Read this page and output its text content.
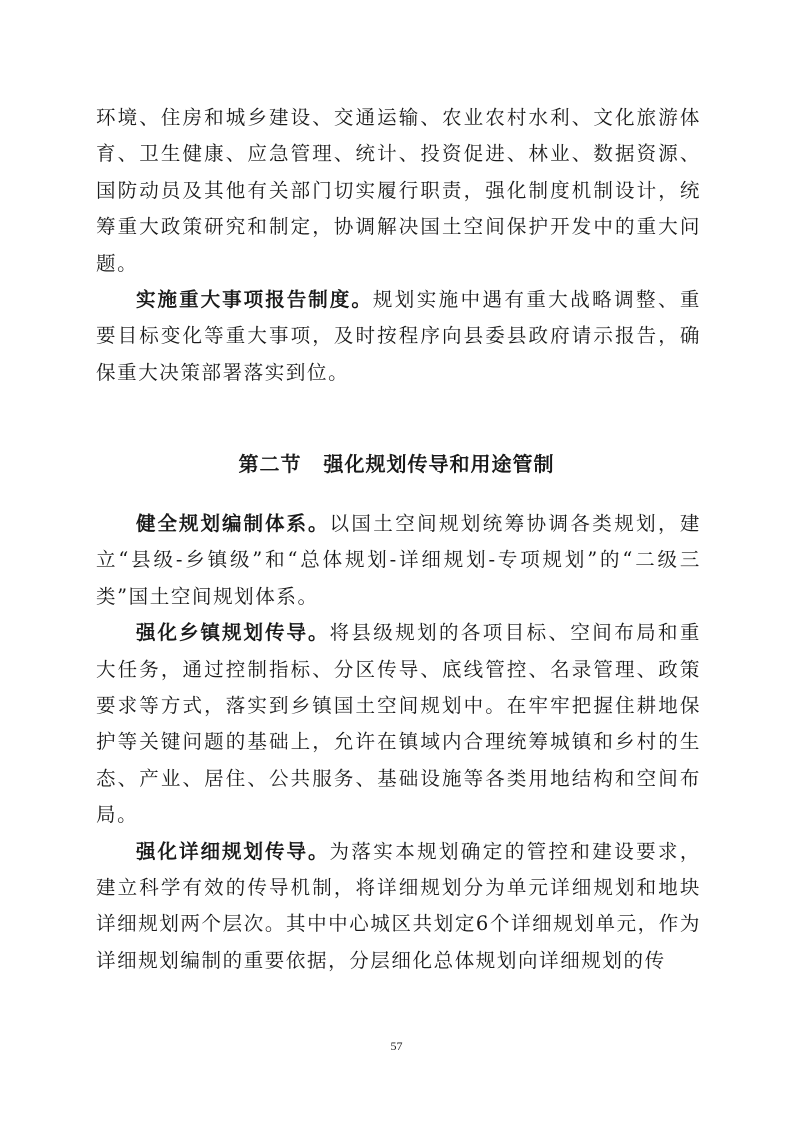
环境、住房和城乡建设、交通运输、农业农村水利、文化旅游体育、卫生健康、应急管理、统计、投资促进、林业、数据资源、国防动员及其他有关部门切实履行职责，强化制度机制设计，统筹重大政策研究和制定，协调解决国土空间保护开发中的重大问题。

实施重大事项报告制度。规划实施中遇有重大战略调整、重要目标变化等重大事项，及时按程序向县委县政府请示报告，确保重大决策部署落实到位。

第二节 强化规划传导和用途管制

健全规划编制体系。以国土空间规划统筹协调各类规划，建立“县级-乡镇级”和“总体规划-详细规划-专项规划”的“二级三类”国土空间规划体系。

强化乡镇规划传导。将县级规划的各项目标、空间布局和重大任务，通过控制指标、分区传导、底线管控、名录管理、政策要求等方式，落实到乡镇国土空间规划中。在牢牢把握住耕地保护等关键问题的基础上，允许在镇域内合理统筹城镇和乡村的生态、产业、居住、公共服务、基础设施等各类用地结构和空间布局。

强化详细规划传导。为落实本规划确定的管控和建设要求，建立科学有效的传导机制，将详细规划分为单元详细规划和地块详细规划两个层次。其中中心城区共划定6个详细规划单元，作为详细规划编制的重要依据，分层细化总体规划向详细规划的传

57
